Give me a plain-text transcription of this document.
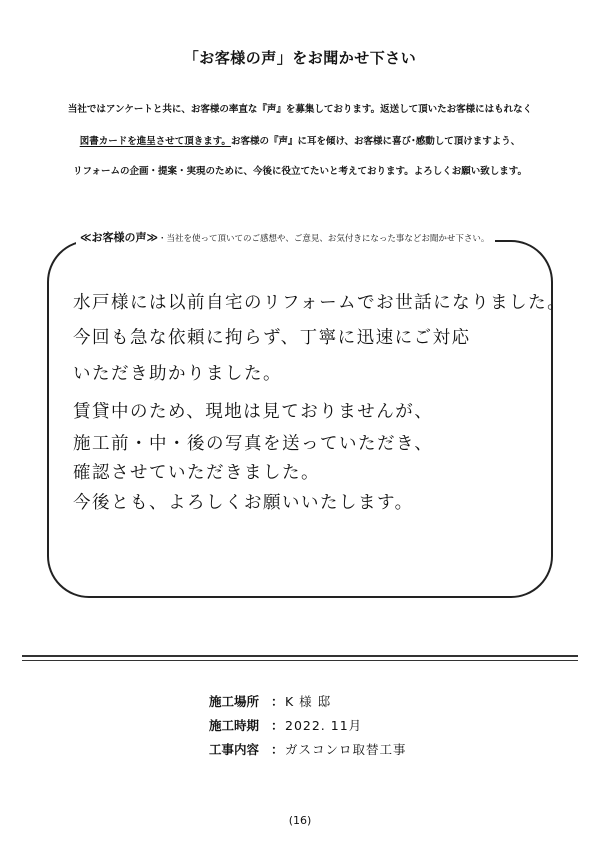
「お客様の声」をお聞かせ下さい
当社ではアンケートと共に、お客様の率直な『声』を募集しております。返送して頂いたお客様にはもれなく
図書カードを進呈させて頂きます。お客様の『声』に耳を傾け、お客様に喜び･感動して頂けますよう、
リフォームの企画・提案・実現のために、今後に役立てたいと考えております。よろしくお願い致します。
≪お客様の声≫・当社を使って頂いてのご感想や、ご意見、お気付きになった事などお聞かせ下さい。
水戸様には以前自宅のリフォームでお世話になりました。
今回も急な依頼に拘らず、丁寧に迅速にご対応
いただき助かりました。
賃貸中のため、現地は見ておりませんが、
施工前・中・後の写真を送っていただき、
確認させていただきました。
今後とも、よろしくお願いいたします。
施工場所 ：K 様 邸
施工時期 ：2022. 11月
工事内容 ：ガスコンロ取替工事
(16)
